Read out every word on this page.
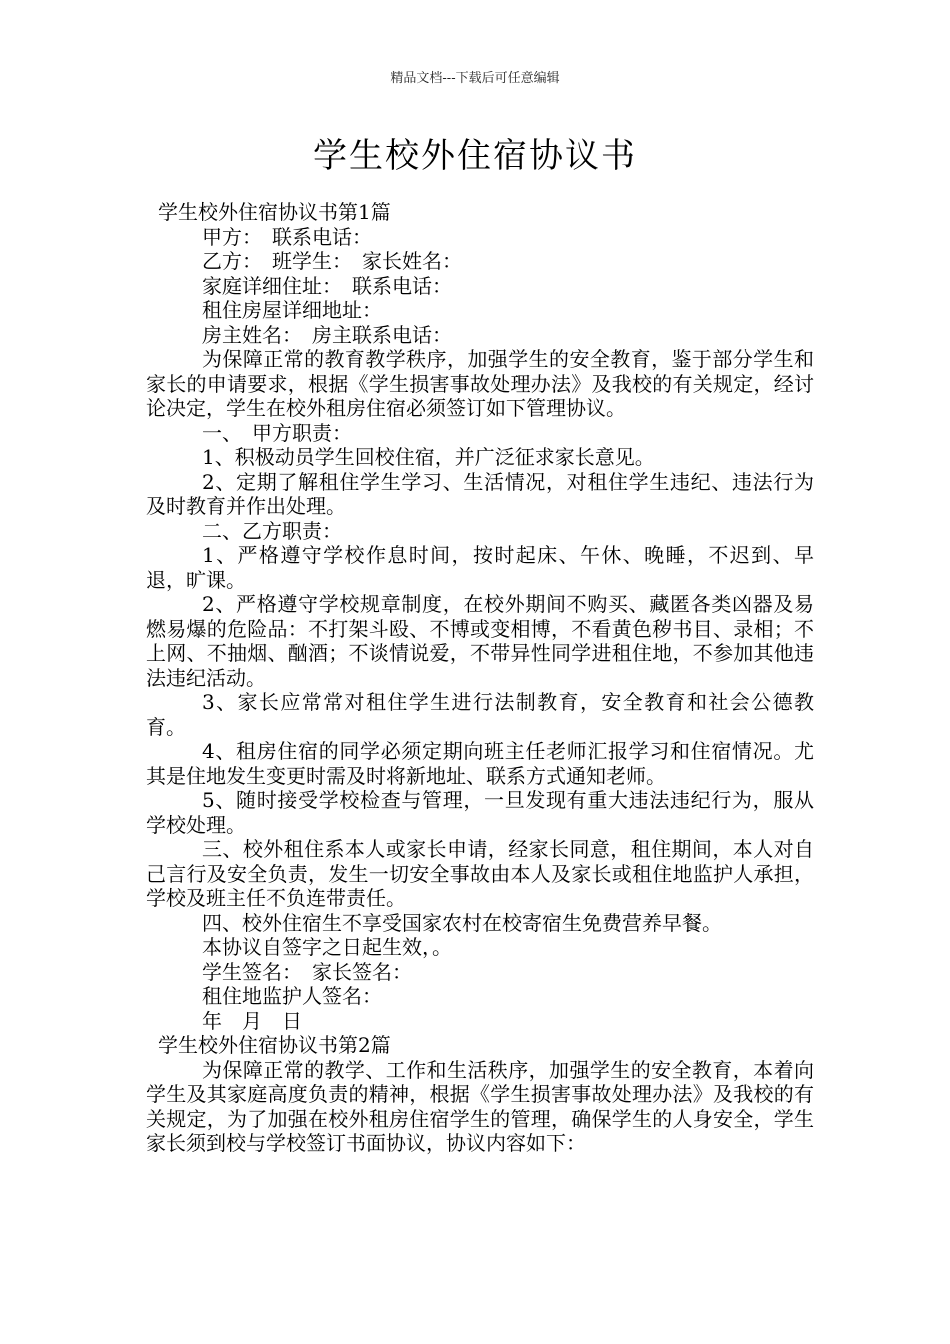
精品文档---下载后可任意编辑
学生校外住宿协议书

学生校外住宿协议书第1篇

甲方：　联系电话：

乙方：　班学生：　家长姓名：

家庭详细住址：　联系电话：

租住房屋详细地址：

房主姓名：　房主联系电话：

为保障正常的教育教学秩序，加强学生的安全教育，鉴于部分学生和家长的申请要求，根据《学生损害事故处理办法》及我校的有关规定，经讨论决定，学生在校外租房住宿必须签订如下管理协议。

一、　甲方职责：

1、积极动员学生回校住宿，并广泛征求家长意见。

2、定期了解租住学生学习、生活情况，对租住学生违纪、违法行为及时教育并作出处理。

二、乙方职责：

1、严格遵守学校作息时间，按时起床、午休、晚睡，不迟到、早退，旷课。

2、严格遵守学校规章制度，在校外期间不购买、藏匿各类凶器及易燃易爆的危险品：不打架斗殴、不博或变相博，不看黄色秽书目、录相；不上网、不抽烟、酗酒；不谈情说爱，不带异性同学进租住地，不参加其他违法违纪活动。

3、家长应常常对租住学生进行法制教育，安全教育和社会公德教育。

4、租房住宿的同学必须定期向班主任老师汇报学习和住宿情况。尤其是住地发生变更时需及时将新地址、联系方式通知老师。

5、随时接受学校检查与管理，一旦发现有重大违法违纪行为，服从学校处理。

三、校外租住系本人或家长申请，经家长同意，租住期间，本人对自己言行及安全负责，发生一切安全事故由本人及家长或租住地监护人承担，学校及班主任不负连带责任。

四、校外住宿生不享受国家农村在校寄宿生免费营养早餐。

本协议自签字之日起生效，。

学生签名：　家长签名：

租住地监护人签名：

年　月　日

学生校外住宿协议书第2篇

为保障正常的教学、工作和生活秩序，加强学生的安全教育，本着向学生及其家庭高度负责的精神，根据《学生损害事故处理办法》及我校的有关规定，为了加强在校外租房住宿学生的管理，确保学生的人身安全，学生家长须到校与学校签订书面协议，协议内容如下：
